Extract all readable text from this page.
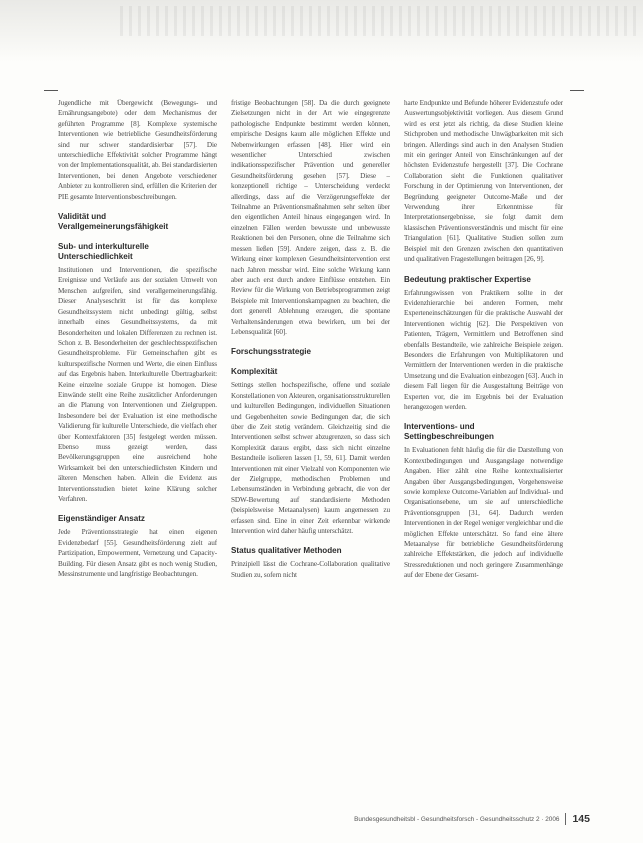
Jugendliche mit Übergewicht (Bewegungs- und Ernährungsangebote) oder dem Mechanismus der geführten Programme [8]. Komplexe systemische Interventionen wie betriebliche Gesundheitsförderung sind nur schwer standardisierbar [57]. Die unterschiedliche Effektivität solcher Programme hängt von der Implementationsqualität, ab. Bei standardisierten Interventionen, bei denen Angebote verschiedener Anbieter zu kontrollieren sind, erfüllen die Kriterien der PIE gesamte Interventionsbeschreibungen.

Validität und Verallgemeinerungsfähigkeit
Sub- und interkulturelle Unterschiedlichkeit

Institutionen und Interventionen, die spezifische Ereignisse und Verläufe aus der sozialen Umwelt von Menschen aufgreifen, sind verallgemeinerungsfähig. Dieser Analyseschritt ist für das komplexe Gesundheitssystem nicht unbedingt gültig, selbst innerhalb eines Gesundheitssystems, da mit Besonderheiten und lokalen Differenzen zu rechnen ist. Schon z. B. Besonderheiten der geschlechtsspezifischen Gesundheitsprobleme. Für Gemeinschaften gibt es kulturspezifische Normen und Werte, die einen Einfluss auf das Ergebnis haben. Interkulturelle Übertragbarkeit: Keine einzelne soziale Gruppe ist homogen. Diese Einwände stellt eine Reihe zusätzlicher Anforderungen an die Planung von Interventionen und Zielgruppen. Insbesondere bei der Evaluation ist eine methodische Validierung für kulturelle Unterschiede, die vielfach eher über Kontextfaktoren [35] festgelegt werden müssen. Ebenso muss gezeigt werden, dass Bevölkerungsgruppen eine ausreichend hohe Wirksamkeit bei den unterschiedlichsten Kindern und älteren Menschen haben. Allein die Evidenz aus Interventionsstudien bietet keine Klärung solcher Verfahren.

Eigenständiger Ansatz

Jede Präventionsstrategie hat einen eigenen Evidenzbedarf [55]. Gesundheitsförderung zielt auf Partizipation, Empowerment, Vernetzung und Capacity-Building. Für diesen Ansatz gibt es noch wenig Studien, Messinstrumente und langfristige Beobachtungen.

fristige Beobachtungen [58]. Da die durch geeignete Zielsetzungen nicht in der Art wie eingegrenzte pathologische Endpunkte bestimmt werden können, empirische Designs kaum alle möglichen Effekte und Nebenwirkungen erfassen [48]. Hier wird ein wesentlicher Unterschied zwischen indikationsspezifischer Prävention und genereller Gesundheitsförderung gesehen [57]. Diese – konzeptionell richtige – Unterscheidung verdeckt allerdings, dass auf die Verzögerungseffekte der Teilnahme an Präventionsmaßnahmen sehr selten über den eigentlichen Anteil hinaus eingegangen wird. In einzelnen Fällen werden bewusste und unbewusste Reaktionen bei den Personen, ohne die Teilnahme sich messen ließen [59]. Andere zeigen, dass z. B. die Wirkung einer komplexen Gesundheitsintervention erst nach Jahren messbar wird. Eine solche Wirkung kann aber auch erst durch andere Einflüsse entstehen. Ein Review für die Wirkung von Betriebsprogrammen zeigt Beispiele mit Interventionskampagnen zu beachten, die dort generell Ablehnung erzeugen, die spontane Verhaltensänderungen etwa bewirken, um bei der Lebensqualität [60].

Forschungsstrategie
Komplexität

Settings stellen hochspezifische, offene und soziale Konstellationen von Akteuren, organisationsstrukturellen und kulturellen Bedingungen, individuellen Situationen und Gegebenheiten sowie Bedingungen dar, die sich über die Zeit stetig verändern. Gleichzeitig sind die Interventionen selbst schwer abzugrenzen, so dass sich Komplexität daraus ergibt, dass sich nicht einzelne Bestandteile isolieren lassen [1, 59, 61]. Damit werden Interventionen mit einer Vielzahl von Komponenten wie der Zielgruppe, methodischen Problemen und Lebensumständen in Verbindung gebracht, die von der SDW-Bewertung auf standardisierte Methoden (beispielsweise Metaanalysen) kaum angemessen zu erfassen sind. Eine in einer Zeit erkennbar wirkende Intervention wird daher häufig unterschätzt.

Status qualitativer Methoden

Prinzipiell lässt die Cochrane-Collaboration qualitative Studien zu, sofern nicht

harte Endpunkte und Befunde höherer Evidenzstufe oder Auswertungsobjektivität vorliegen. Aus diesem Grund wird es erst jetzt als richtig, da diese Studien kleine Stichproben und methodische Unwägbarkeiten mit sich bringen. Allerdings sind auch in den Analysen Studien mit ein geringer Anteil von Einschränkungen auf der höchsten Evidenzstufe hergestellt [37]. Die Cochrane Collaboration sieht die Funktionen qualitativer Forschung in der Optimierung von Interventionen, der Begründung geeigneter Outcome-Maße und der Verwendung ihrer Erkenntnisse für Interpretationsergebnisse, sie folgt damit dem klassischen Präventionsverständnis und mischt für eine Triangulation [61]. Qualitative Studien sollen zum Beispiel mit den Grenzen zwischen den quantitativen und qualitativen Fragestellungen beitragen [26, 9].

Bedeutung praktischer Expertise

Erfahrungswissen von Praktikern sollte in der Evidenzhierarchie bei anderen Formen, mehr Experteneinschätzungen für die praktische Auswahl der Interventionen wichtig [62]. Die Perspektiven von Patienten, Trägern, Vermittlern und Betroffenen sind ebenfalls Bestandteile, wie zahlreiche Beispiele zeigen. Besonders die Erfahrungen von Multiplikatoren und Vermittlern der Interventionen werden in die praktische Umsetzung und die Evaluation einbezogen [63]. Auch in diesem Fall liegen für die Ausgestaltung Beiträge von Experten vor, die im Ergebnis bei der Evaluation herangezogen werden.

Interventions- und Settingbeschreibungen

In Evaluationen fehlt häufig die für die Darstellung von Kontextbedingungen und Ausgangslage notwendige Angaben. Hier zählt eine Reihe kontextualisierter Angaben über Ausgangsbedingungen, Vorgehensweise sowie komplexe Outcome-Variablen auf Individual- und Organisationsebene, um sie auf unterschiedliche Präventionsgruppen [31, 64]. Dadurch werden Interventionen in der Regel weniger vergleichbar und die möglichen Effekte unterschätzt. So fand eine ältere Metaanalyse für betriebliche Gesundheitsförderung zahlreiche Effektstärken, die jedoch auf individuelle Stressreduktionen und noch geringere Zusammenhänge auf der Ebene der Gesamt-

Bundesgesundheitsbl - Gesundheitsforsch - Gesundheitsschutz 2 · 2006 145
